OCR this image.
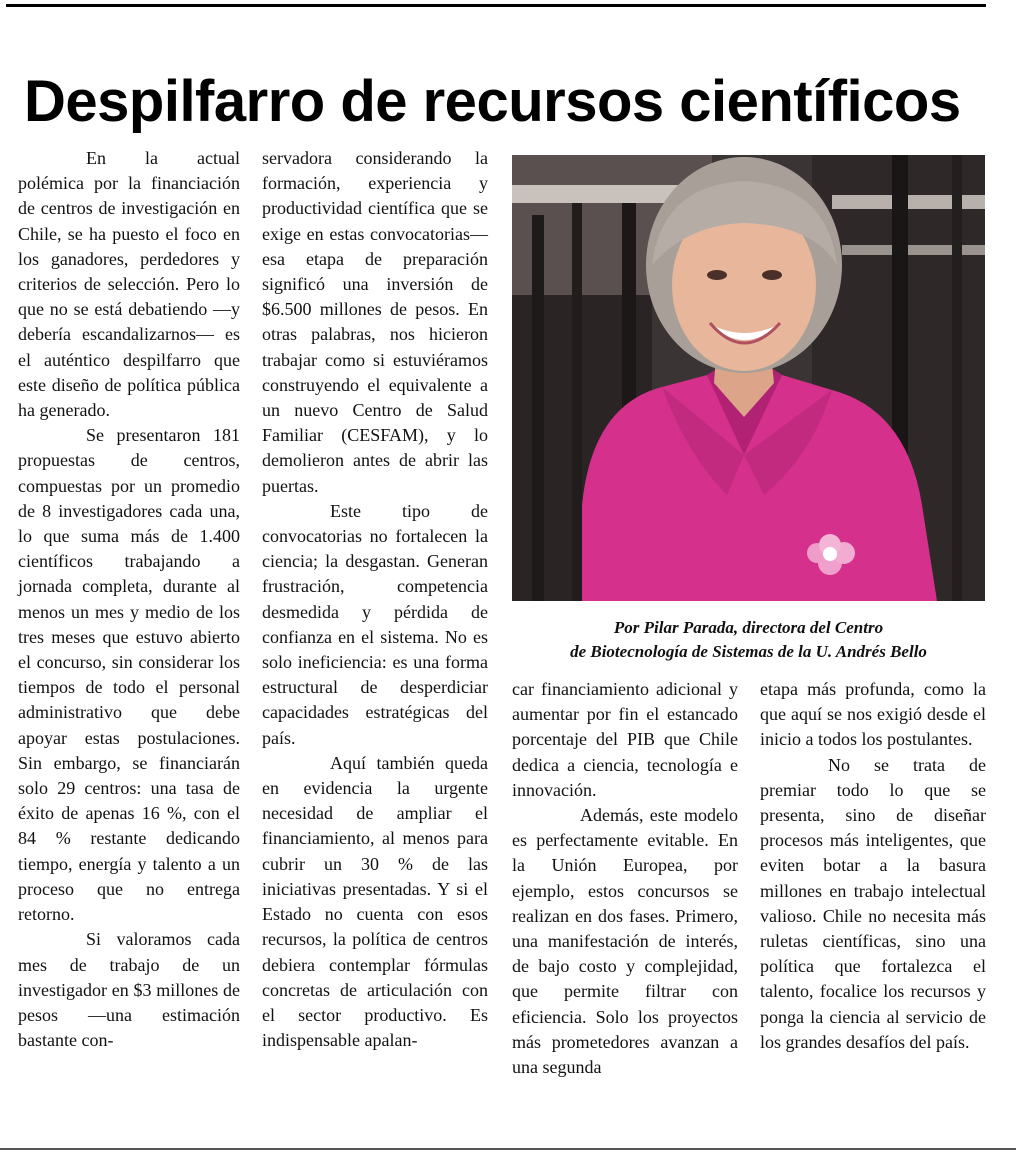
Despilfarro de recursos científicos

En la actual polémica por la financiación de centros de investigación en Chile, se ha puesto el foco en los ganadores, perdedores y criterios de selección. Pero lo que no se está debatiendo —y debería escandalizarnos— es el auténtico despilfarro que este diseño de política pública ha generado.

Se presentaron 181 propuestas de centros, compuestas por un promedio de 8 investigadores cada una, lo que suma más de 1.400 científicos trabajando a jornada completa, durante al menos un mes y medio de los tres meses que estuvo abierto el concurso, sin considerar los tiempos de todo el personal administrativo que debe apoyar estas postulaciones. Sin embargo, se financiarán solo 29 centros: una tasa de éxito de apenas 16 %, con el 84 % restante dedicando tiempo, energía y talento a un proceso que no entrega retorno.

Si valoramos cada mes de trabajo de un investigador en $3 millones de pesos —una estimación bastante con-

servadora considerando la formación, experiencia y productividad científica que se exige en estas convocatorias— esa etapa de preparación significó una inversión de $6.500 millones de pesos. En otras palabras, nos hicieron trabajar como si estuviéramos construyendo el equivalente a un nuevo Centro de Salud Familiar (CESFAM), y lo demolieron antes de abrir las puertas.

Este tipo de convocatorias no fortalecen la ciencia; la desgastan. Generan frustración, competencia desmedida y pérdida de confianza en el sistema. No es solo ineficiencia: es una forma estructural de desperdiciar capacidades estratégicas del país.

Aquí también queda en evidencia la urgente necesidad de ampliar el financiamiento, al menos para cubrir un 30 % de las iniciativas presentadas. Y si el Estado no cuenta con esos recursos, la política de centros debiera contemplar fórmulas concretas de articulación con el sector productivo. Es indispensable apalan-

Por Pilar Parada, directora del Centro
de Biotecnología de Sistemas de la U. Andrés Bello

car financiamiento adicional y aumentar por fin el estancado porcentaje del PIB que Chile dedica a ciencia, tecnología e innovación.

Además, este modelo es perfectamente evitable. En la Unión Europea, por ejemplo, estos concursos se realizan en dos fases. Primero, una manifestación de interés, de bajo costo y complejidad, que permite filtrar con eficiencia. Solo los proyectos más prometedores avanzan a una segunda

etapa más profunda, como la que aquí se nos exigió desde el inicio a todos los postulantes.

No se trata de premiar todo lo que se presenta, sino de diseñar procesos más inteligentes, que eviten botar a la basura millones en trabajo intelectual valioso. Chile no necesita más ruletas científicas, sino una política que fortalezca el talento, focalice los recursos y ponga la ciencia al servicio de los grandes desafíos del país.
